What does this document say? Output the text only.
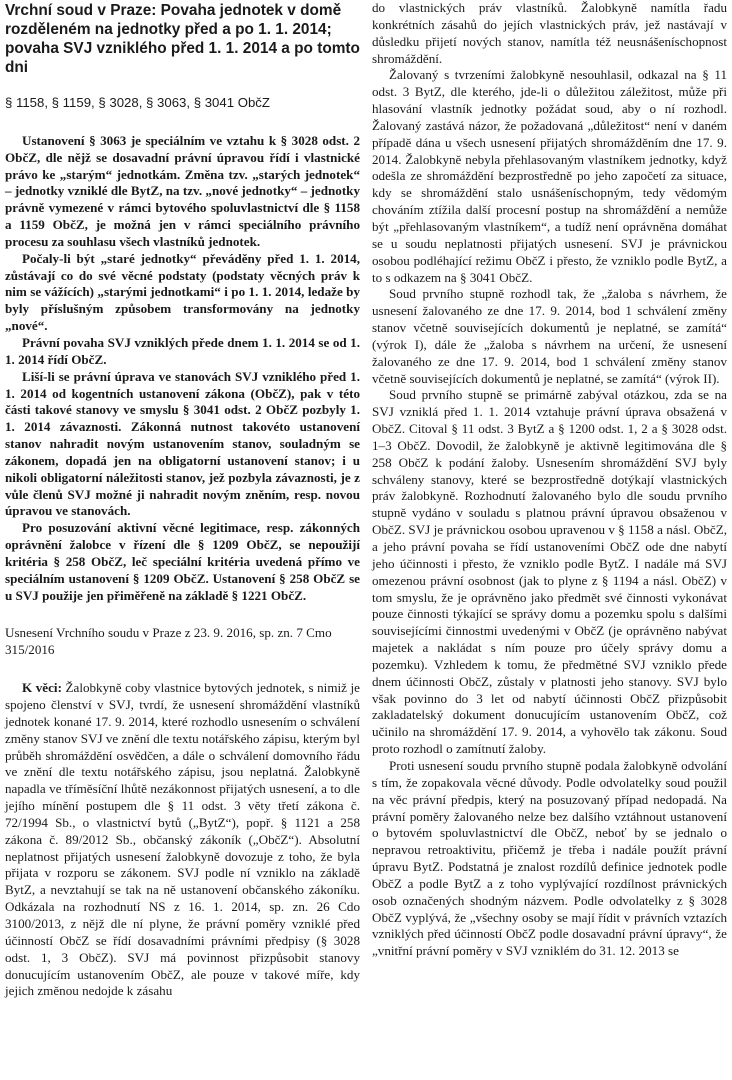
Vrchní soud v Praze: Povaha jednotek v domě rozděleném na jednotky před a po 1. 1. 2014; povaha SVJ vzniklého před 1. 1. 2014 a po tomto dni
§ 1158, § 1159, § 3028, § 3063, § 3041 ObčZ

Ustanovení § 3063 je speciálním ve vztahu k § 3028 odst. 2 ObčZ, dle nějž se dosavadní právní úpravou řídí i vlastnické právo ke „starým“ jednotkám. Změna tzv. „starých jednotek“ – jednotky vzniklé dle BytZ, na tzv. „nové jednotky“ – jednotky právně vymezené v rámci bytového spoluvlastnictví dle § 1158 a 1159 ObčZ, je možná jen v rámci speciálního právního procesu za souhlasu všech vlastníků jednotek.

Počaly-li být „staré jednotky“ převáděny před 1. 1. 2014, zůstávají co do své věcné podstaty (podstaty věcných práv k nim se vážících) „starými jednotkami“ i po 1. 1. 2014, ledaže by byly příslušným způsobem transformovány na jednotky „nové“.

Právní povaha SVJ vzniklých přede dnem 1. 1. 2014 se od 1. 1. 2014 řídí ObčZ.

Liší-li se právní úprava ve stanovách SVJ vzniklého před 1. 1. 2014 od kogentních ustanovení zákona (ObčZ), pak v této části takové stanovy ve smyslu § 3041 odst. 2 ObčZ pozbyly 1. 1. 2014 závaznosti. Zákonná nutnost takovéto ustanovení stanov nahradit novým ustanovením stanov, souladným se zákonem, dopadá jen na obligatorní ustanovení stanov; i u nikoli obligatorní náležitosti stanov, jež pozbyla závaznosti, je z vůle členů SVJ možné ji nahradit novým zněním, resp. novou úpravou ve stanovách.

Pro posuzování aktivní věcné legitimace, resp. zákonných oprávnění žalobce v řízení dle § 1209 ObčZ, se nepoužijí kritéria § 258 ObčZ, leč speciální kritéria uvedená přímo ve speciálním ustanovení § 1209 ObčZ. Ustanovení § 258 ObčZ se u SVJ použije jen přiměřeně na základě § 1221 ObčZ.

Usnesení Vrchního soudu v Praze z 23. 9. 2016, sp. zn. 7 Cmo 315/2016

K věci: Žalobkyně coby vlastnice bytových jednotek, s nimiž je spojeno členství v SVJ, tvrdí, že usnesení shromáždění vlastníků jednotek konané 17. 9. 2014, které rozhodlo usnesením o schválení změny stanov SVJ ve znění dle textu notářského zápisu, kterým byl průběh shromáždění osvědčen, a dále o schválení domovního řádu ve znění dle textu notářského zápisu, jsou neplatná. Žalobkyně napadla ve tříměsíční lhůtě nezákonnost přijatých usnesení, a to dle jejího mínění postupem dle § 11 odst. 3 věty třetí zákona č. 72/1994 Sb., o vlastnictví bytů („BytZ“), popř. § 1121 a 258 zákona č. 89/2012 Sb., občanský zákoník („ObčZ“). Absolutní neplatnost přijatých usnesení žalobkyně dovozuje z toho, že byla přijata v rozporu se zákonem. SVJ podle ní vzniklo na základě BytZ, a nevztahují se tak na ně ustanovení občanského zákoníku. Odkázala na rozhodnutí NS z 16. 1. 2014, sp. zn. 26 Cdo 3100/2013, z nějž dle ní plyne, že právní poměry vzniklé před účinností ObčZ se řídí dosavadními právními předpisy (§ 3028 odst. 1, 3 ObčZ). SVJ má povinnost přizpůsobit stanovy donucujícím ustanovením ObčZ, ale pouze v takové míře, kdy jejich změnou nedojde k zásahu

do vlastnických práv vlastníků. Žalobkyně namítla řadu konkrétních zásahů do jejích vlastnických práv, jež nastávají v důsledku přijetí nových stanov, namítla též neusnášeníschopnost shromáždění.

Žalovaný s tvrzeními žalobkyně nesouhlasil, odkazal na § 11 odst. 3 BytZ, dle kterého, jde-li o důležitou záležitost, může při hlasování vlastník jednotky požádat soud, aby o ní rozhodl. Žalovaný zastává názor, že požadovaná „důležitost“ není v daném případě dána u všech usnesení přijatých shromážděním dne 17. 9. 2014. Žalobkyně nebyla přehlasovaným vlastníkem jednotky, když odešla ze shromáždění bezprostředně po jeho započetí za situace, kdy se shromáždění stalo usnášeníschopným, tedy vědomým chováním ztížila další procesní postup na shromáždění a nemůže být „přehlasovaným vlastníkem“, a tudíž není oprávněna domáhat se u soudu neplatnosti přijatých usnesení. SVJ je právnickou osobou podléhající režimu ObčZ i přesto, že vzniklo podle BytZ, a to s odkazem na § 3041 ObčZ.

Soud prvního stupně rozhodl tak, že „žaloba s návrhem, že usnesení žalovaného ze dne 17. 9. 2014, bod 1 schválení změny stanov včetně souvisejících dokumentů je neplatné, se zamítá“ (výrok I), dále že „žaloba s návrhem na určení, že usnesení žalovaného ze dne 17. 9. 2014, bod 1 schválení změny stanov včetně souvisejících dokumentů je neplatné, se zamítá“ (výrok II).

Soud prvního stupně se primárně zabýval otázkou, zda se na SVJ vzniklá před 1. 1. 2014 vztahuje právní úprava obsažená v ObčZ. Citoval § 11 odst. 3 BytZ a § 1200 odst. 1, 2 a § 3028 odst. 1–3 ObčZ. Dovodil, že žalobkyně je aktivně legitimována dle § 258 ObčZ k podání žaloby. Usnesením shromáždění SVJ byly schváleny stanovy, které se bezprostředně dotýkají vlastnických práv žalobkyně. Rozhodnutí žalovaného bylo dle soudu prvního stupně vydáno v souladu s platnou právní úpravou obsaženou v ObčZ. SVJ je právnickou osobou upravenou v § 1158 a násl. ObčZ, a jeho právní povaha se řídí ustanoveními ObčZ ode dne nabytí jeho účinnosti i přesto, že vzniklo podle BytZ. I nadále má SVJ omezenou právní osobnost (jak to plyne z § 1194 a násl. ObčZ) v tom smyslu, že je oprávněno jako předmět své činnosti vykonávat pouze činnosti týkající se správy domu a pozemku spolu s dalšími souvisejícími činnostmi uvedenými v ObčZ (je oprávněno nabývat majetek a nakládat s ním pouze pro účely správy domu a pozemku). Vzhledem k tomu, že předmětné SVJ vzniklo přede dnem účinnosti ObčZ, zůstaly v platnosti jeho stanovy. SVJ bylo však povinno do 3 let od nabytí účinnosti ObčZ přizpůsobit zakladatelský dokument donucujícím ustanovením ObčZ, což učinilo na shromáždění 17. 9. 2014, a vyhovělo tak zákonu. Soud proto rozhodl o zamítnutí žaloby.

Proti usnesení soudu prvního stupně podala žalobkyně odvolání s tím, že zopakovala věcné důvody. Podle odvolatelky soud použil na věc právní předpis, který na posuzovaný případ nedopadá. Na právní poměry žalovaného nelze bez dalšího vztáhnout ustanovení o bytovém spoluvlastnictví dle ObčZ, neboť by se jednalo o nepravou retroaktivitu, přičemž je třeba i nadále použít právní úpravu BytZ. Podstatná je znalost rozdílů definice jednotek podle ObčZ a podle BytZ a z toho vyplývající rozdílnost právnických osob označených shodným názvem. Podle odvolatelky z § 3028 ObčZ vyplývá, že „všechny osoby se mají řídit v právních vztazích vzniklých před účinností ObčZ podle dosavadní právní úpravy“, že „vnitřní právní poměry v SVJ vzniklém do 31. 12. 2013 se
